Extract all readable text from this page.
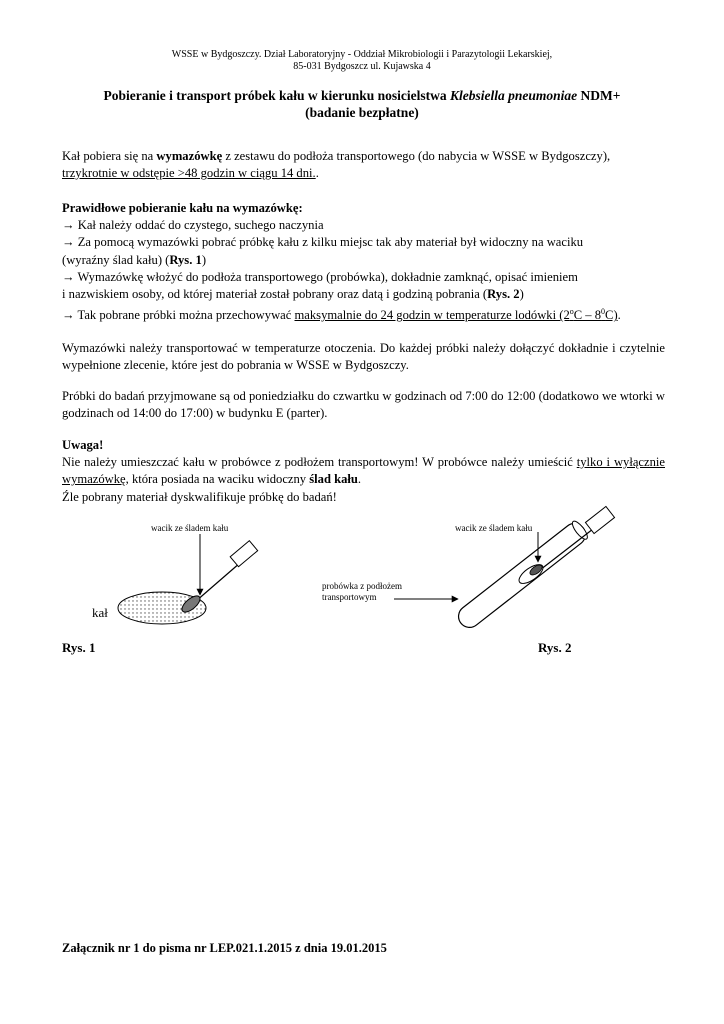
WSSE w Bydgoszczy. Dział Laboratoryjny - Oddział Mikrobiologii i Parazytologii Lekarskiej,
85-031 Bydgoszcz ul. Kujawska 4
Pobieranie i transport próbek kału w kierunku nosicielstwa Klebsiella pneumoniae NDM+
(badanie bezpłatne)
Kał pobiera się na wymazówkę z zestawu do podłoża transportowego (do nabycia w WSSE w Bydgoszczy),
trzykrotnie w odstępie >48 godzin w ciągu 14 dni..
Prawidłowe pobieranie kału na wymazówkę:
→ Kał należy oddać do czystego, suchego naczynia
→ Za pomocą wymazówki pobrać próbkę kału z kilku miejsc tak aby materiał był widoczny na waciku
(wyraźny ślad kału) (Rys. 1)
→ Wymazówkę włożyć do podłoża transportowego (probówka), dokładnie zamknąć, opisać imieniem
i nazwiskiem osoby, od której materiał został pobrany oraz datą i godziną pobrania (Rys. 2)
→ Tak pobrane próbki można przechowywać maksymalnie do 24 godzin w temperaturze lodówki $(2^oC - 8^0C)$.
Wymazówki należy transportować w temperaturze otoczenia. Do każdej próbki należy dołączyć dokładnie i czytelnie wypełnione zlecenie, które jest do pobrania w WSSE w Bydgoszczy.
Próbki do badań przyjmowane są od poniedziałku do czwartku w godzinach od 7:00 do 12:00 (dodatkowo we wtorki w godzinach od 14:00 do 17:00) w budynku E (parter).
Uwaga!
Nie należy umieszczać kału w probówce z podłożem transportowym! W probówce należy umieścić tylko i wyłącznie wymazówkę, która posiada na waciku widoczny ślad kału.
Źle pobrany materiał dyskwalifikuje próbkę do badań!
wacik ze śladem kału
kał
wacik ze śladem kału
probówka z podłożem
transportowym
Rys. 1	Rys. 2
Załącznik nr 1 do pisma nr LEP.021.1.2015 z dnia 19.01.2015
